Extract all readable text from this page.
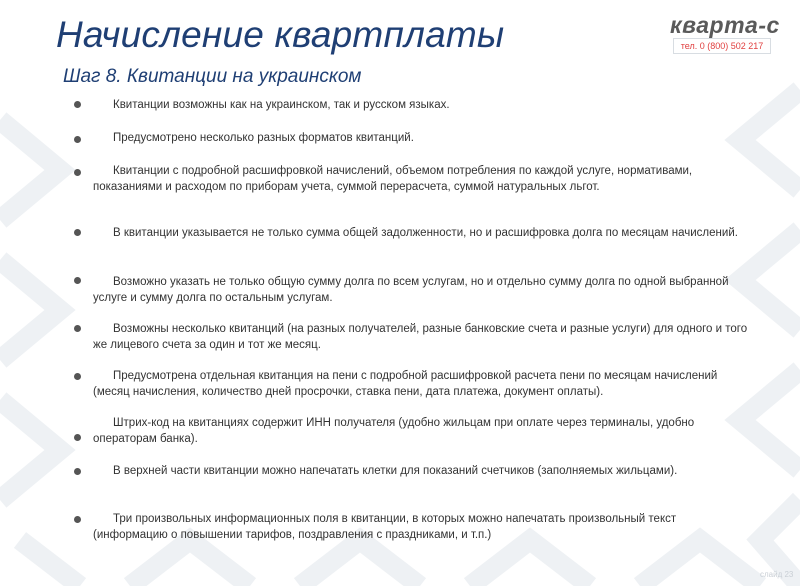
Начисление квартплаты
Шаг 8. Квитанции на украинском
кварта-с
тел. 0 (800) 502 217
Квитанции возможны как на украинском, так и русском языках.
Предусмотрено несколько разных форматов квитанций.
Квитанции с подробной расшифровкой начислений, объемом потребления по каждой услуге, нормативами, показаниями и расходом по приборам учета, суммой перерасчета, суммой натуральных льгот.
В квитанции указывается не только сумма общей задолженности, но и расшифровка долга по месяцам начислений.
Возможно указать не только общую сумму долга по всем услугам, но и отдельно сумму долга по одной выбранной услуге и сумму долга по остальным услугам.
Возможны несколько квитанций (на разных получателей, разные банковские счета и разные услуги) для одного и того же лицевого счета за один и тот же месяц.
Предусмотрена отдельная квитанция на пени с подробной расшифровкой расчета пени по месяцам начислений (месяц начисления, количество дней просрочки, ставка пени, дата платежа, документ оплаты).
Штрих-код на квитанциях содержит ИНН получателя (удобно жильцам при оплате через терминалы, удобно операторам банка).
В верхней части квитанции можно напечатать клетки для показаний счетчиков (заполняемых жильцами).
Три произвольных информационных поля в квитанции, в которых можно напечатать произвольный текст (информацию о повышении тарифов, поздравления с праздниками, и т.п.)
слайд 23
